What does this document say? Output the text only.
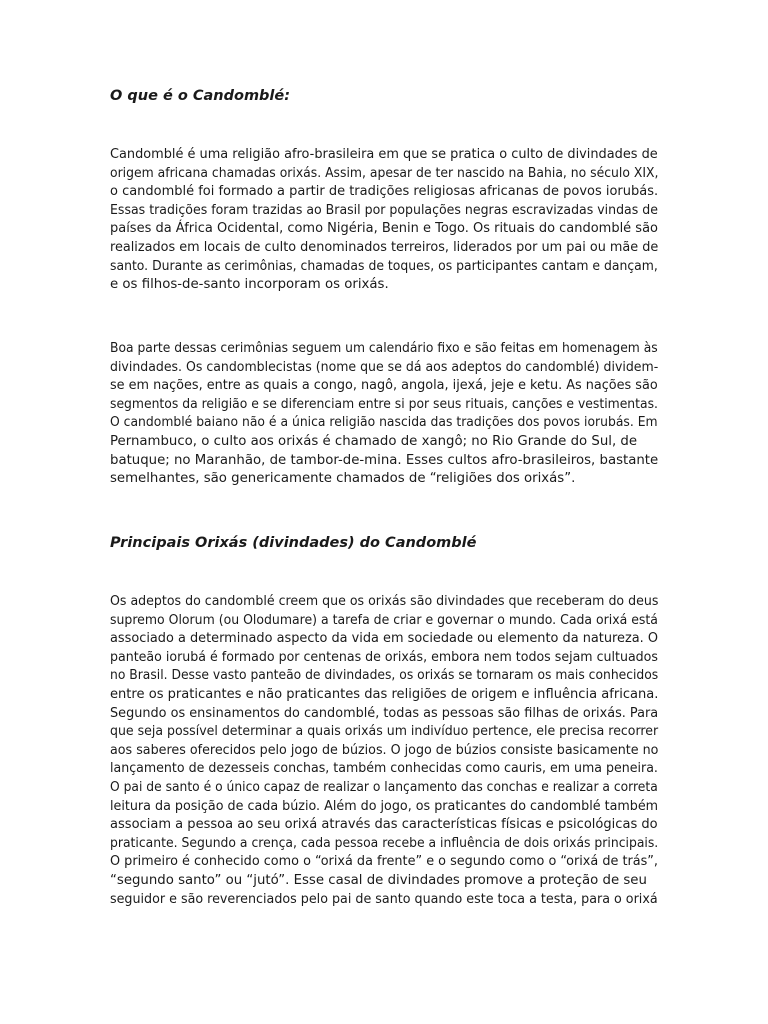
O que é o Candomblé:

Candomblé é uma religião afro-brasileira em que se pratica o culto de divindades de origem africana chamadas orixás. Assim, apesar de ter nascido na Bahia, no século XIX, o candomblé foi formado a partir de tradições religiosas africanas de povos iorubás. Essas tradições foram trazidas ao Brasil por populações negras escravizadas vindas de países da África Ocidental, como Nigéria, Benin e Togo. Os rituais do candomblé são realizados em locais de culto denominados terreiros, liderados por um pai ou mãe de santo. Durante as cerimônias, chamadas de toques, os participantes cantam e dançam,
e os filhos-de-santo incorporam os orixás.

Boa parte dessas cerimônias seguem um calendário fixo e são feitas em homenagem às divindades. Os candomblecistas (nome que se dá aos adeptos do candomblé) dividem- se em nações, entre as quais a congo, nagô, angola, ijexá, jeje e ketu. As nações são segmentos da religião e se diferenciam entre si por seus rituais, canções e vestimentas. O candomblé baiano não é a única religião nascida das tradições dos povos iorubás. Em
Pernambuco, o culto aos orixás é chamado de xangô; no Rio Grande do Sul, de
batuque; no Maranhão, de tambor-de-mina. Esses cultos afro-brasileiros, bastante
semelhantes, são genericamente chamados de “religiões dos orixás”.

Principais Orixás (divindades) do Candomblé

Os adeptos do candomblé creem que os orixás são divindades que receberam do deus supremo Olorum (ou Olodumare) a tarefa de criar e governar o mundo. Cada orixá está associado a determinado aspecto da vida em sociedade ou elemento da natureza. O panteão iorubá é formado por centenas de orixás, embora nem todos sejam cultuados no Brasil. Desse vasto panteão de divindades, os orixás se tornaram os mais conhecidos entre os praticantes e não praticantes das religiões de origem e influência africana. Segundo os ensinamentos do candomblé, todas as pessoas são filhas de orixás. Para que seja possível determinar a quais orixás um indivíduo pertence, ele precisa recorrer aos saberes oferecidos pelo jogo de búzios. O jogo de búzios consiste basicamente no lançamento de dezesseis conchas, também conhecidas como cauris, em uma peneira. O pai de santo é o único capaz de realizar o lançamento das conchas e realizar a correta leitura da posição de cada búzio. Além do jogo, os praticantes do candomblé também associam a pessoa ao seu orixá através das características físicas e psicológicas do praticante. Segundo a crença, cada pessoa recebe a influência de dois orixás principais. O primeiro é conhecido como o “orixá da frente” e o segundo como o “orixá de trás”,
“segundo santo” ou “jutó”. Esse casal de divindades promove a proteção de seu
seguidor e são reverenciados pelo pai de santo quando este toca a testa, para o orixá
